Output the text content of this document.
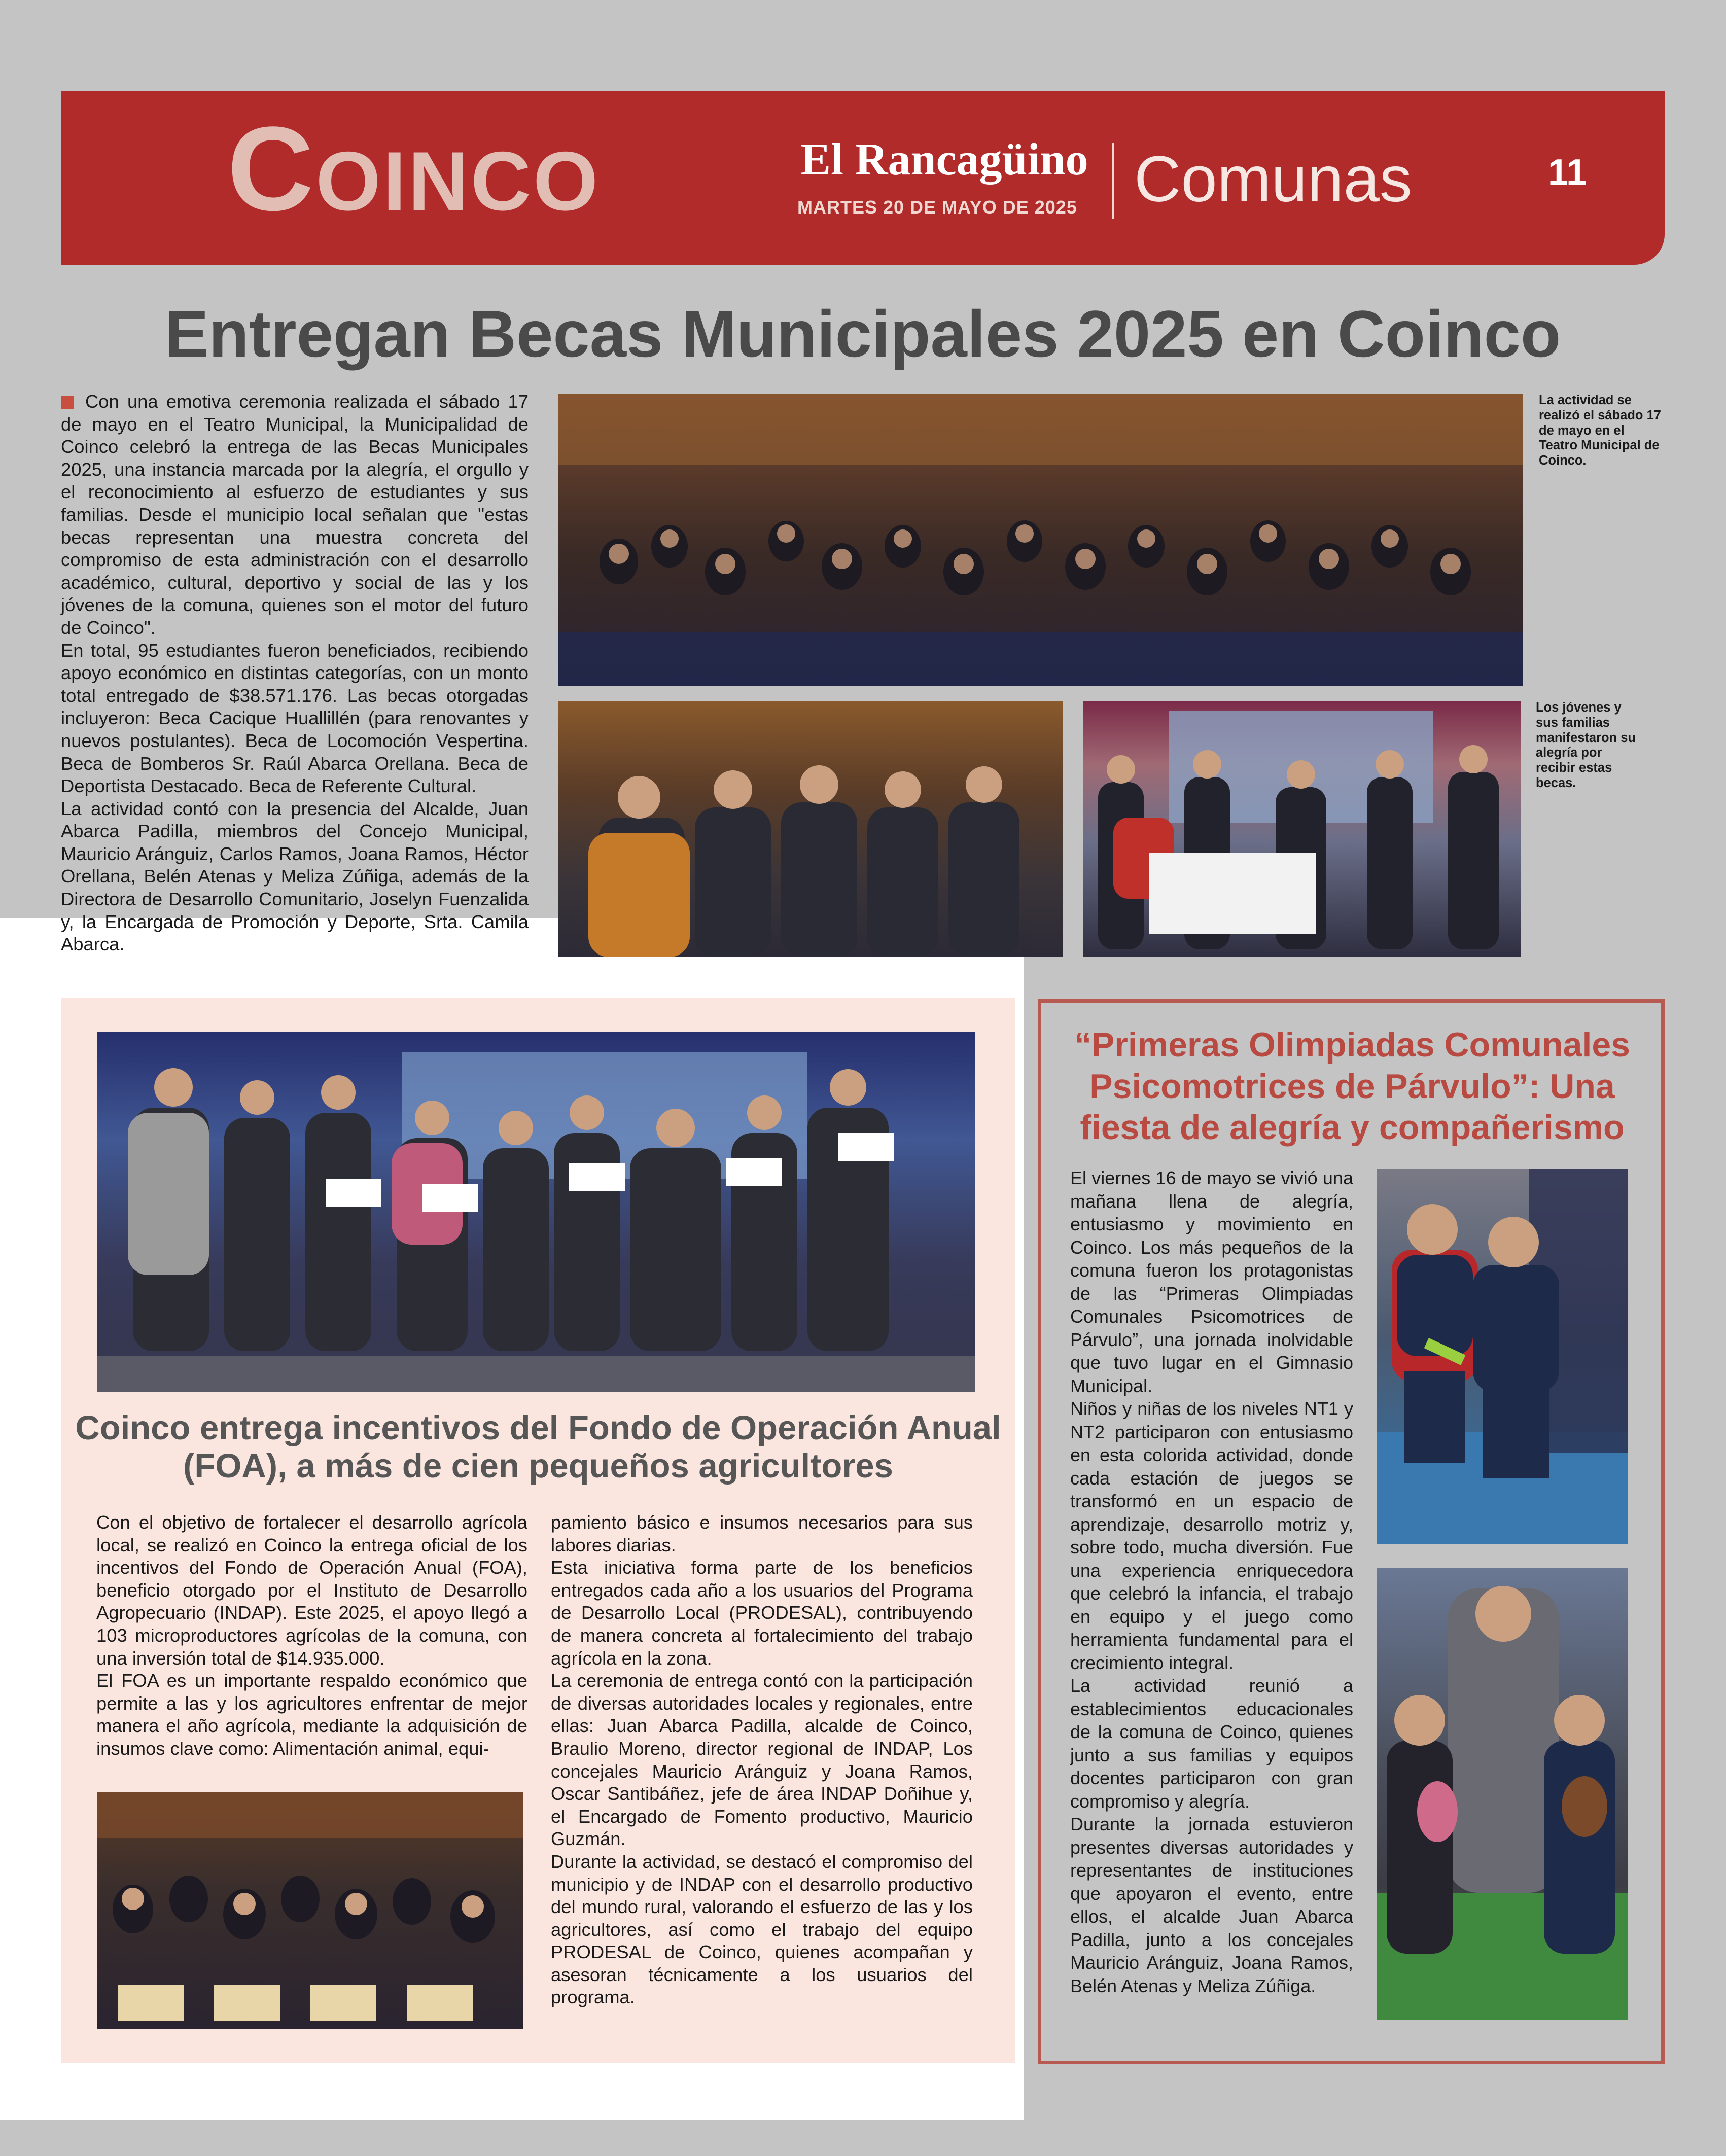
Coinco	El Rancagüino
MARTES 20 DE MAYO DE 2025 Comunas	11
Entregan Becas Municipales 2025 en Coinco

Con una emotiva ceremonia realizada el sábado 17 de mayo en el Teatro Municipal, la Municipalidad de Coinco celebró la entrega de las Becas Municipales 2025, una instancia marcada por la alegría, el orgullo y el reconocimiento al esfuerzo de estudiantes y sus familias. Desde el municipio local señalan que "estas becas representan una muestra concreta del compromiso de esta administración con el desarrollo académico, cultural, deportivo y social de las y los jóvenes de la comuna, quienes son el motor del futuro de Coinco".

En total, 95 estudiantes fueron beneficiados, recibiendo apoyo económico en distintas categorías, con un monto total entregado de $38.571.176. Las becas otorgadas incluyeron: Beca Cacique Huallillén (para renovantes y nuevos postulantes). Beca de Locomoción Vespertina. Beca de Bomberos Sr. Raúl Abarca Orellana. Beca de Deportista Destacado. Beca de Referente Cultural.

La actividad contó con la presencia del Alcalde, Juan Abarca Padilla, miembros del Concejo Municipal, Mauricio Aránguiz, Carlos Ramos, Joana Ramos, Héctor Orellana, Belén Atenas y Meliza Zúñiga, además de la Directora de Desarrollo Comunitario, Joselyn Fuenzalida y, la Encargada de Promoción y Deporte, Srta. Camila Abarca.

La actividad se realizó el sábado 17 de mayo en el Teatro Municipal de Coinco.
Los jóvenes y sus familias manifestaron su alegría por recibir estas becas.
Coinco entrega incentivos del Fondo de Operación Anual (FOA), a más de cien pequeños agricultores

Con el objetivo de fortalecer el desarrollo agrícola local, se realizó en Coinco la entrega oficial de los incentivos del Fondo de Operación Anual (FOA), beneficio otorgado por el Instituto de Desarrollo Agropecuario (INDAP). Este 2025, el apoyo llegó a 103 microproductores agrícolas de la comuna, con una inversión total de $14.935.000.

El FOA es un importante respaldo económico que permite a las y los agricultores enfrentar de mejor manera el año agrícola, mediante la adquisición de insumos clave como: Alimentación animal, equi-

pamiento básico e insumos necesarios para sus labores diarias.

Esta iniciativa forma parte de los beneficios entregados cada año a los usuarios del Programa de Desarrollo Local (PRODESAL), contribuyendo de manera concreta al fortalecimiento del trabajo agrícola en la zona.

La ceremonia de entrega contó con la participación de diversas autoridades locales y regionales, entre ellas: Juan Abarca Padilla, alcalde de Coinco, Braulio Moreno, director regional de INDAP, Los concejales Mauricio Aránguiz y Joana Ramos, Oscar Santibáñez, jefe de área INDAP Doñihue y, el Encargado de Fomento productivo, Mauricio Guzmán.

Durante la actividad, se destacó el compromiso del municipio y de INDAP con el desarrollo productivo del mundo rural, valorando el esfuerzo de las y los agricultores, así como el trabajo del equipo PRODESAL de Coinco, quienes acompañan y asesoran técnicamente a los usuarios del programa.

“Primeras Olimpiadas Comunales Psicomotrices de Párvulo”: Una fiesta de alegría y compañerismo

El viernes 16 de mayo se vivió una mañana llena de alegría, entusiasmo y movimiento en Coinco. Los más pequeños de la comuna fueron los protagonistas de las “Primeras Olimpiadas Comunales Psicomotrices de Párvulo”, una jornada inolvidable que tuvo lugar en el Gimnasio Municipal.

Niños y niñas de los niveles NT1 y NT2 participaron con entusiasmo en esta colorida actividad, donde cada estación de juegos se transformó en un espacio de aprendizaje, desarrollo motriz y, sobre todo, mucha diversión. Fue una experiencia enriquecedora que celebró la infancia, el trabajo en equipo y el juego como herramienta fundamental para el crecimiento integral.

La actividad reunió a establecimientos educacionales de la comuna de Coinco, quienes junto a sus familias y equipos docentes participaron con gran compromiso y alegría.

Durante la jornada estuvieron presentes diversas autoridades y representantes de instituciones que apoyaron el evento, entre ellos, el alcalde Juan Abarca Padilla, junto a los concejales Mauricio Aránguiz, Joana Ramos, Belén Atenas y Meliza Zúñiga.
